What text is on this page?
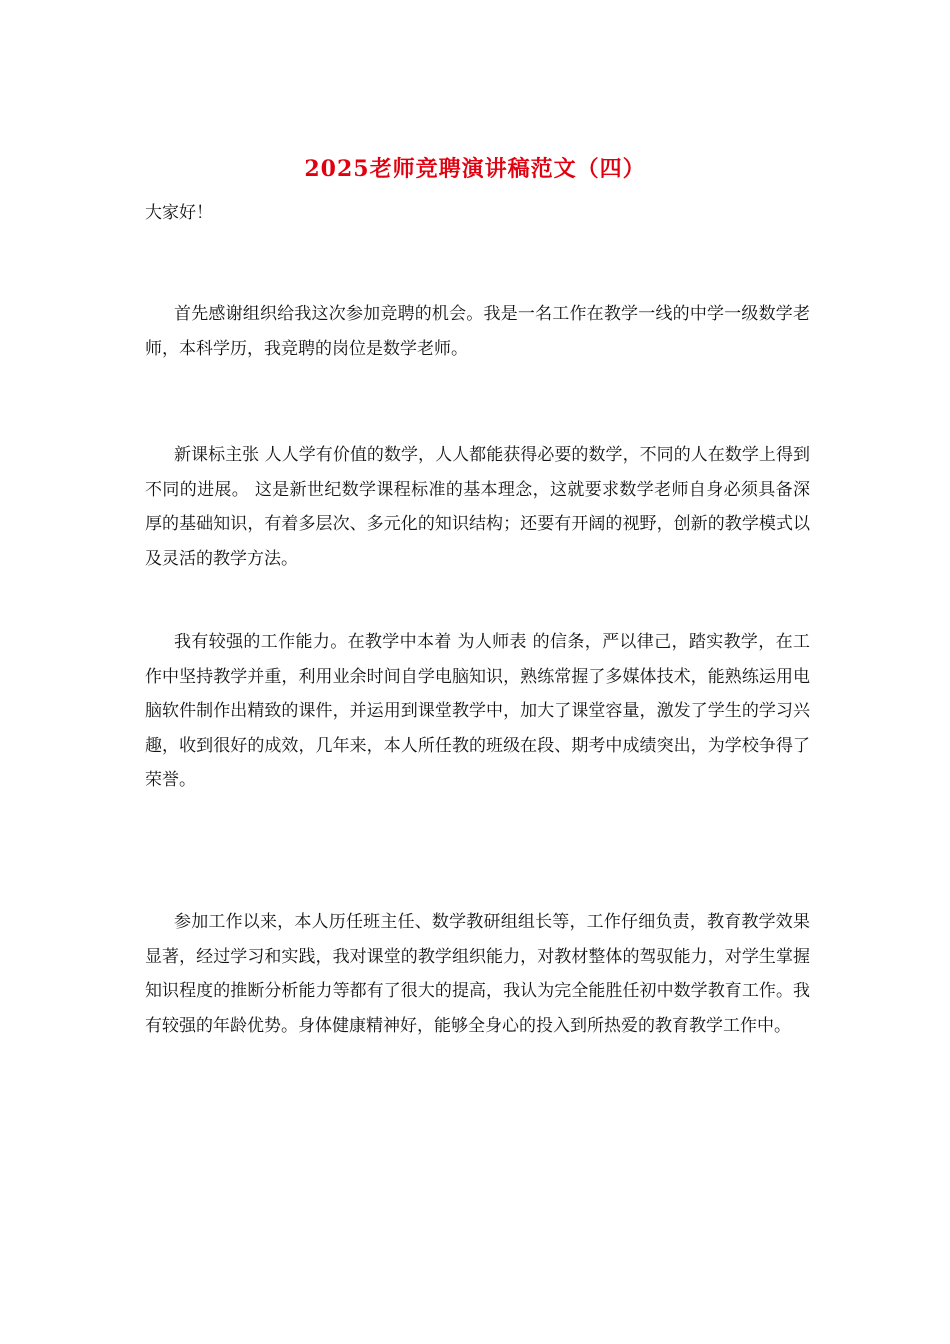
2025老师竞聘演讲稿范文（四）
大家好！

首先感谢组织给我这次参加竞聘的机会。我是一名工作在教学一线的中学一级数学老师，本科学历，我竞聘的岗位是数学老师。

新课标主张 人人学有价值的数学，人人都能获得必要的数学，不同的人在数学上得到不同的进展。 这是新世纪数学课程标准的基本理念，这就要求数学老师自身必须具备深厚的基础知识，有着多层次、多元化的知识结构；还要有开阔的视野，创新的教学模式以及灵活的教学方法。

我有较强的工作能力。在教学中本着 为人师表 的信条，严以律己，踏实教学，在工作中坚持教学并重，利用业余时间自学电脑知识，熟练常握了多媒体技术，能熟练运用电脑软件制作出精致的课件，并运用到课堂教学中，加大了课堂容量，激发了学生的学习兴趣，收到很好的成效，几年来，本人所任教的班级在段、期考中成绩突出，为学校争得了荣誉。

参加工作以来，本人历任班主任、数学教研组组长等，工作仔细负责，教育教学效果显著，经过学习和实践，我对课堂的教学组织能力，对教材整体的驾驭能力，对学生掌握知识程度的推断分析能力等都有了很大的提高，我认为完全能胜任初中数学教育工作。我有较强的年龄优势。身体健康精神好，能够全身心的投入到所热爱的教育教学工作中。
